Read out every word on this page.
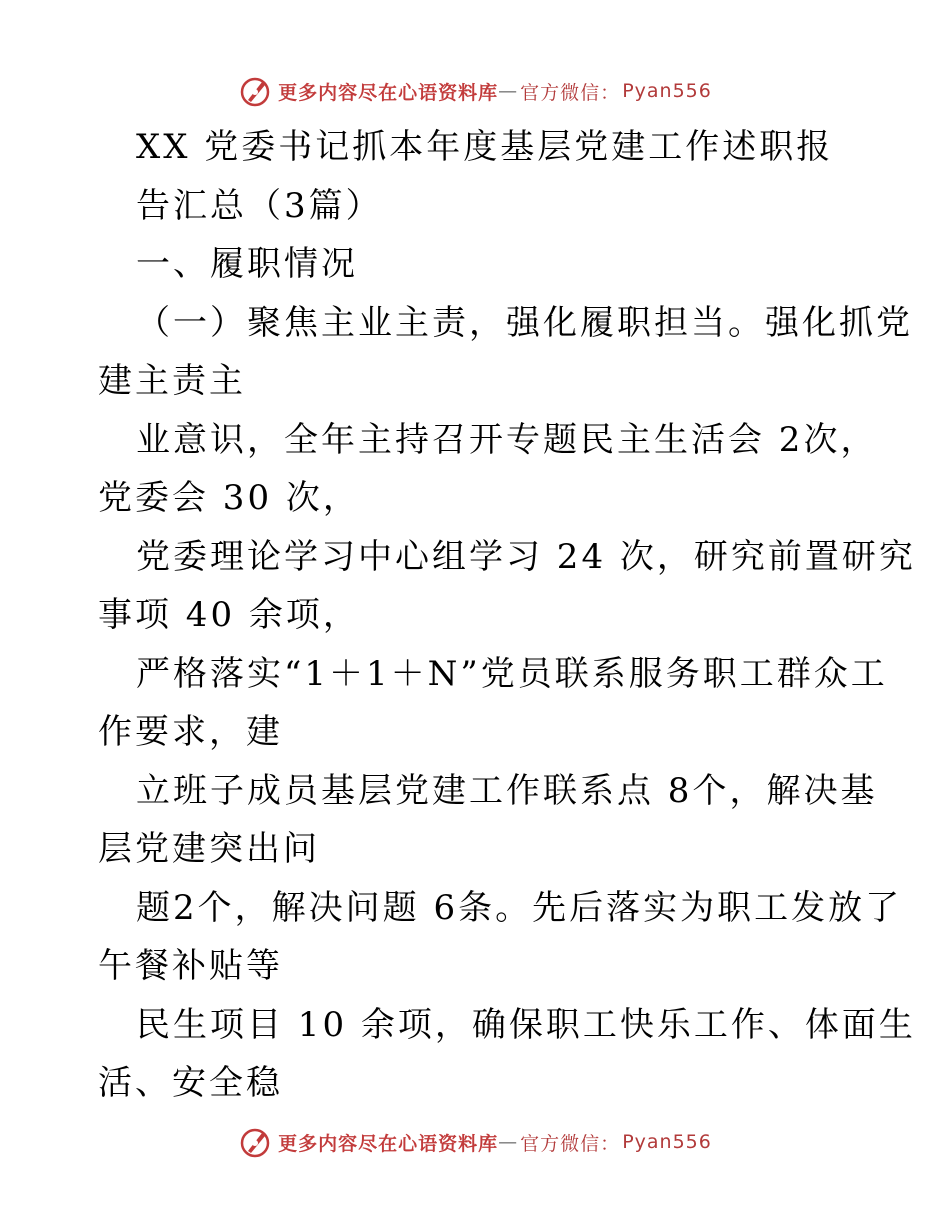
更多内容尽在心语资料库 — 官方微信： Pyan556
XX 党委书记抓本年度基层党建工作述职报
告汇总（3篇）
一、履职情况
（一）聚焦主业主责，强化履职担当。强化抓党
建主责主
业意识，全年主持召开专题民主生活会 2次，
党委会 30 次，
党委理论学习中心组学习 24 次，研究前置研究
事项 40 余项，
严格落实“1＋1＋N”党员联系服务职工群众工
作要求，建
立班子成员基层党建工作联系点 8个，解决基
层党建突出问
题2个，解决问题 6条。先后落实为职工发放了
午餐补贴等
民生项目 10 余项，确保职工快乐工作、体面生
活、安全稳
更多内容尽在心语资料库 — 官方微信： Pyan556
